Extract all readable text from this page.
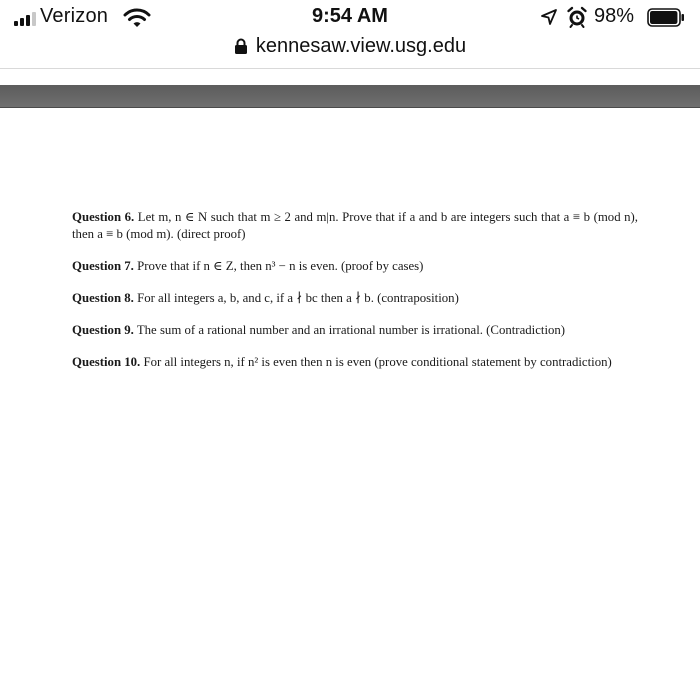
Verizon	9:54 AM	98%
kennesaw.view.usg.edu

Question 6. Let m, n ∈ N such that m ≥ 2 and m|n. Prove that if a and b are integers such that a ≡ b (mod n), then a ≡ b (mod m). (direct proof)

Question 7. Prove that if n ∈ Z, then n³ − n is even. (proof by cases)

Question 8. For all integers a, b, and c, if a ∤ bc then a ∤ b. (contraposition)

Question 9. The sum of a rational number and an irrational number is irrational. (Contradiction)

Question 10. For all integers n, if n² is even then n is even (prove conditional statement by contradiction)
